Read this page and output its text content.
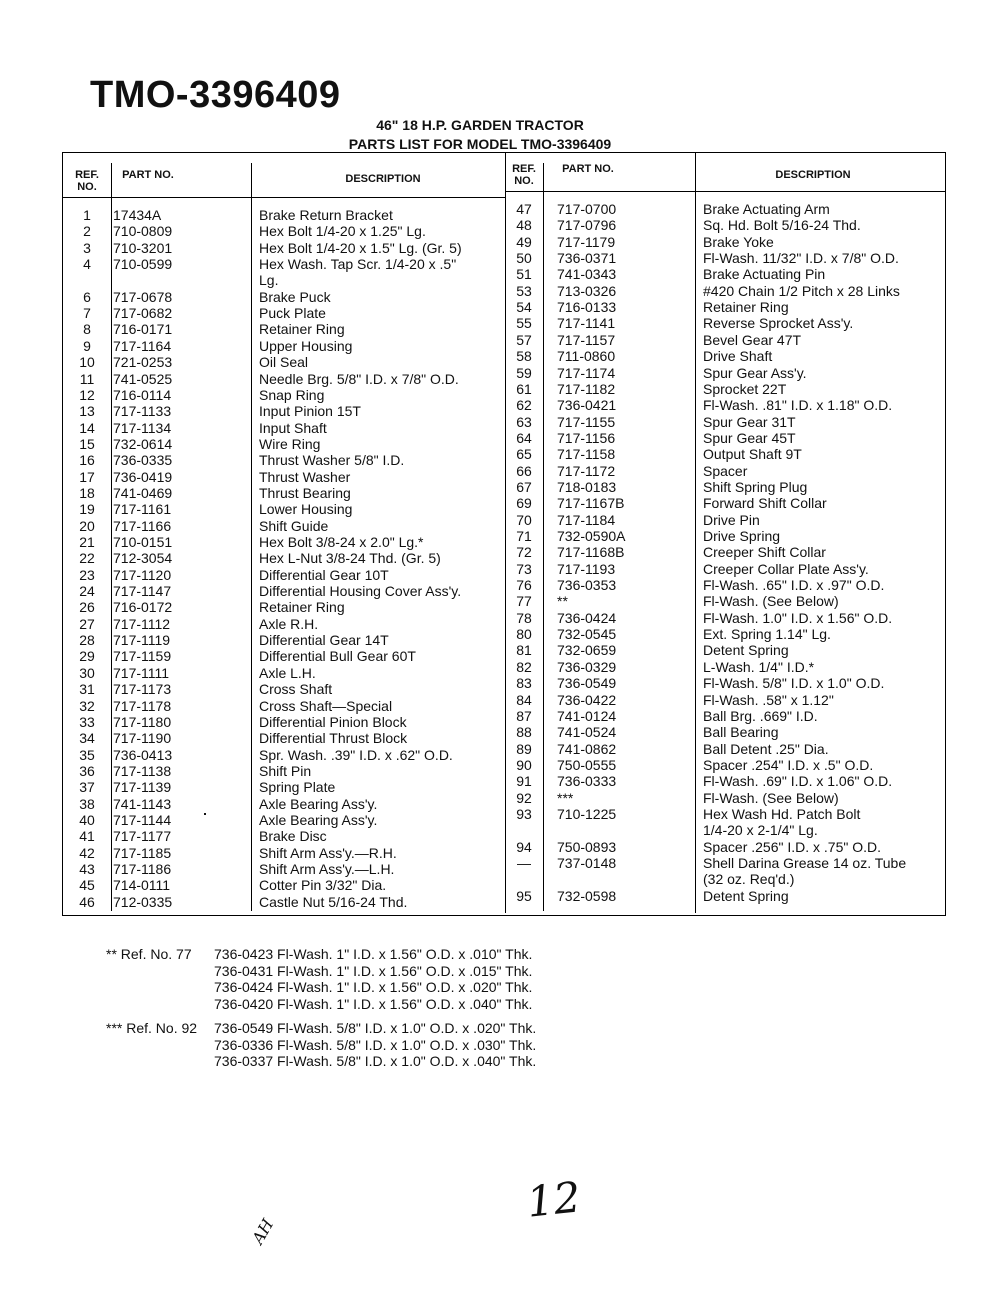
TMO-3396409
46" 18 H.P. GARDEN TRACTOR
PARTS LIST FOR MODEL TMO-3396409
REF. NO.
PART NO.	DESCRIPTION
REF. NO.
PART NO.	DESCRIPTION
1	17434A	Brake Return Bracket
2	710-0809	Hex Bolt 1/4-20 x 1.25" Lg.
3	710-3201	Hex Bolt 1/4-20 x 1.5" Lg. (Gr. 5)
4	710-0599	Hex Wash. Tap Scr. 1/4-20 x .5"
Lg.
6	717-0678	Brake Puck
7	717-0682	Puck Plate
8	716-0171	Retainer Ring
9	717-1164	Upper Housing
10	721-0253	Oil Seal
11	741-0525	Needle Brg. 5/8" I.D. x 7/8" O.D.
12	716-0114	Snap Ring
13	717-1133	Input Pinion 15T
14	717-1134	Input Shaft
15	732-0614	Wire Ring
16	736-0335	Thrust Washer 5/8" I.D.
17	736-0419	Thrust Washer
18	741-0469	Thrust Bearing
19	717-1161	Lower Housing
20	717-1166	Shift Guide
21	710-0151	Hex Bolt 3/8-24 x 2.0" Lg.*
22	712-3054	Hex L-Nut 3/8-24 Thd. (Gr. 5)
23	717-1120	Differential Gear 10T
24	717-1147	Differential Housing Cover Ass'y.
26	716-0172	Retainer Ring
27	717-1112	Axle R.H.
28	717-1119	Differential Gear 14T
29	717-1159	Differential Bull Gear 60T
30	717-1111	Axle L.H.
31	717-1173	Cross Shaft
32	717-1178	Cross Shaft—Special
33	717-1180	Differential Pinion Block
34	717-1190	Differential Thrust Block
35	736-0413	Spr. Wash. .39" I.D. x .62" O.D.
36	717-1138	Shift Pin
37	717-1139	Spring Plate
38	741-1143	Axle Bearing Ass'y.
40	717-1144	Axle Bearing Ass'y.
41	717-1177	Brake Disc
42	717-1185	Shift Arm Ass'y.—R.H.
43	717-1186	Shift Arm Ass'y.—L.H.
45	714-0111	Cotter Pin 3/32" Dia.
46	712-0335	Castle Nut 5/16-24 Thd.
47	717-0700	Brake Actuating Arm
48	717-0796	Sq. Hd. Bolt 5/16-24 Thd.
49	717-1179	Brake Yoke
50	736-0371	Fl-Wash. 11/32" I.D. x 7/8" O.D.
51	741-0343	Brake Actuating Pin
53	713-0326	#420 Chain 1/2 Pitch x 28 Links
54	716-0133	Retainer Ring
55	717-1141	Reverse Sprocket Ass'y.
57	717-1157	Bevel Gear 47T
58	711-0860	Drive Shaft
59	717-1174	Spur Gear Ass'y.
61	717-1182	Sprocket 22T
62	736-0421	Fl-Wash. .81" I.D. x 1.18" O.D.
63	717-1155	Spur Gear 31T
64	717-1156	Spur Gear 45T
65	717-1158	Output Shaft 9T
66	717-1172	Spacer
67	718-0183	Shift Spring Plug
69	717-1167B	Forward Shift Collar
70	717-1184	Drive Pin
71	732-0590A	Drive Spring
72	717-1168B	Creeper Shift Collar
73	717-1193	Creeper Collar Plate Ass'y.
76	736-0353	Fl-Wash. .65" I.D. x .97" O.D.
77	**	Fl-Wash. (See Below)
78	736-0424	Fl-Wash. 1.0" I.D. x 1.56" O.D.
80	732-0545	Ext. Spring 1.14" Lg.
81	732-0659	Detent Spring
82	736-0329	L-Wash. 1/4" I.D.*
83	736-0549	Fl-Wash. 5/8" I.D. x 1.0" O.D.
84	736-0422	Fl-Wash. .58" x 1.12"
87	741-0124	Ball Brg. .669" I.D.
88	741-0524	Ball Bearing
89	741-0862	Ball Detent .25" Dia.
90	750-0555	Spacer .254" I.D. x .5" O.D.
91	736-0333	Fl-Wash. .69" I.D. x 1.06" O.D.
92	***	Fl-Wash. (See Below)
93	710-1225	Hex Wash Hd. Patch Bolt
1/4-20 x 2-1/4" Lg.
94	750-0893	Spacer .256" I.D. x .75" O.D.
—	737-0148	Shell Darina Grease 14 oz. Tube
(32 oz. Req'd.)
95	732-0598	Detent Spring
** Ref. No. 77 736-0423 Fl-Wash. 1" I.D. x 1.56" O.D. x .010" Thk.
736-0431 Fl-Wash. 1" I.D. x 1.56" O.D. x .015" Thk.
736-0424 Fl-Wash. 1" I.D. x 1.56" O.D. x .020" Thk.
736-0420 Fl-Wash. 1" I.D. x 1.56" O.D. x .040" Thk.
*** Ref. No. 92 736-0549 Fl-Wash. 5/8" I.D. x 1.0" O.D. x .020" Thk.
736-0336 Fl-Wash. 5/8" I.D. x 1.0" O.D. x .030" Thk.
736-0337 Fl-Wash. 5/8" I.D. x 1.0" O.D. x .040" Thk.
12
AH
